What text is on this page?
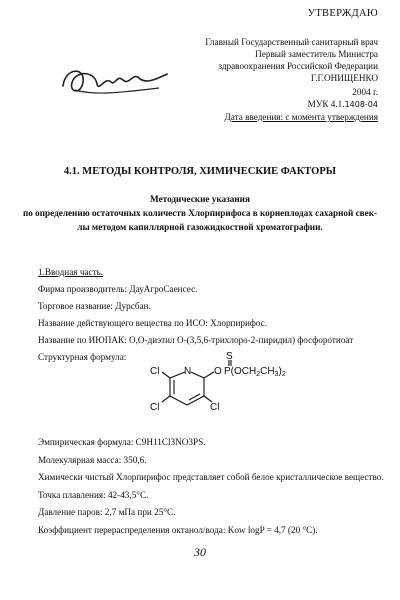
УТВЕРЖДАЮ
Главный Государственный санитарный врач
Первый заместитель Министра
здравоохранения Российской Федерации
Г.Г.ОНИЩЕНКО
2004 г.
МУК 4.1.1408-04
Дата введения: с момента утверждения
4.1. МЕТОДЫ КОНТРОЛЯ, ХИМИЧЕСКИЕ ФАКТОРЫ
Методические указания
по определению остаточных количеств Хлорпирифоса в корнеплодах сахарной свек-
лы методом капиллярной газожидкостной хроматографии.
1.Вводная часть.
Фирма производитель: ДауАгроСаенсес.
Торговое название: Дурсбан.
Название действующего вещества по ИСО: Хлорпирифос.
Название по ИЮПАК: О,О-диэтил О-(3,5,6-трихлоро-2-пиридил) фосфоротиоат
Структурная формула:
Cl N O $P(OCH_2CH_3)_2$
S
Cl	Cl
Эмпирическая формула: C9H11Cl3NO3PS.
Молекулярная масса: 350,6.
Химически чистый Хлорпирифос представляет собой белое кристаллическое вещество.
Точка плавления: 42-43,5°С.
Давление паров: 2,7 мПа при 25°С.
Коэффициент перераспределения октанол/вода: Kow logP = 4,7 (20 °С).
30
